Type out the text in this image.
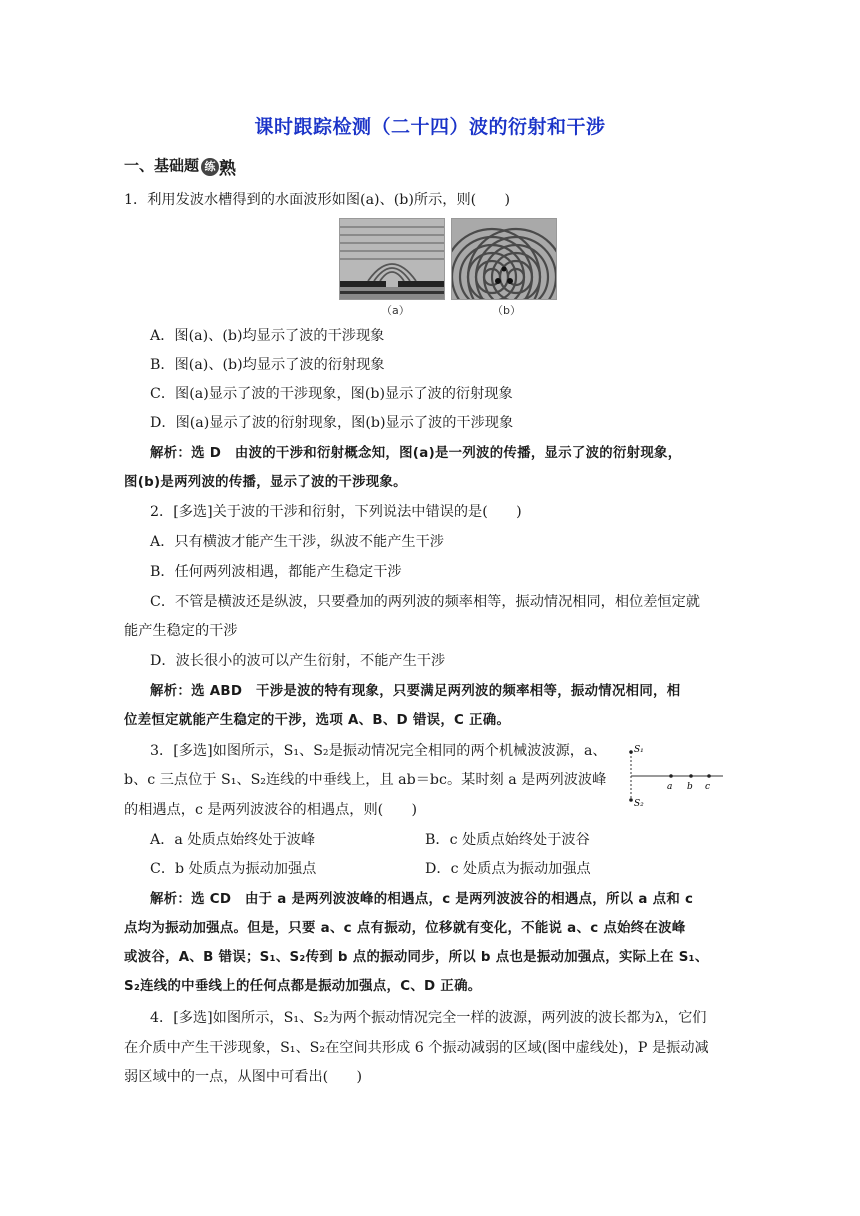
课时跟踪检测（二十四）波的衍射和干涉
一、基础题 练 熟
1．利用发波水槽得到的水面波形如图(a)、(b)所示，则(　　)
（a）	（b）
A．图(a)、(b)均显示了波的干涉现象
B．图(a)、(b)均显示了波的衍射现象
C．图(a)显示了波的干涉现象，图(b)显示了波的衍射现象
D．图(a)显示了波的衍射现象，图(b)显示了波的干涉现象
解析：选 D　由波的干涉和衍射概念知，图(a)是一列波的传播，显示了波的衍射现象，
图(b)是两列波的传播，显示了波的干涉现象。
2．[多选]关于波的干涉和衍射，下列说法中错误的是(　　)
A．只有横波才能产生干涉，纵波不能产生干涉
B．任何两列波相遇，都能产生稳定干涉
C．不管是横波还是纵波，只要叠加的两列波的频率相等，振动情况相同，相位差恒定就
能产生稳定的干涉
D．波长很小的波可以产生衍射，不能产生干涉
解析：选 ABD　干涉是波的特有现象，只要满足两列波的频率相等，振动情况相同，相
位差恒定就能产生稳定的干涉，选项 A、B、D 错误，C 正确。
3．[多选]如图所示，S₁、S₂是振动情况完全相同的两个机械波波源，a、
b、c 三点位于 S₁、S₂连线的中垂线上，且 ab＝bc。某时刻 a 是两列波波峰
的相遇点，c 是两列波波谷的相遇点，则(　　)
S₁
S₂
a b c
A．a 处质点始终处于波峰	B．c 处质点始终处于波谷
C．b 处质点为振动加强点	D．c 处质点为振动加强点
解析：选 CD　由于 a 是两列波波峰的相遇点，c 是两列波波谷的相遇点，所以 a 点和 c
点均为振动加强点。但是，只要 a、c 点有振动，位移就有变化，不能说 a、c 点始终在波峰
或波谷，A、B 错误；S₁、S₂传到 b 点的振动同步，所以 b 点也是振动加强点，实际上在 S₁、
S₂连线的中垂线上的任何点都是振动加强点，C、D 正确。
4．[多选]如图所示，S₁、S₂为两个振动情况完全一样的波源，两列波的波长都为λ，它们
在介质中产生干涉现象，S₁、S₂在空间共形成 6 个振动减弱的区域(图中虚线处)，P 是振动减
弱区域中的一点，从图中可看出(　　)
